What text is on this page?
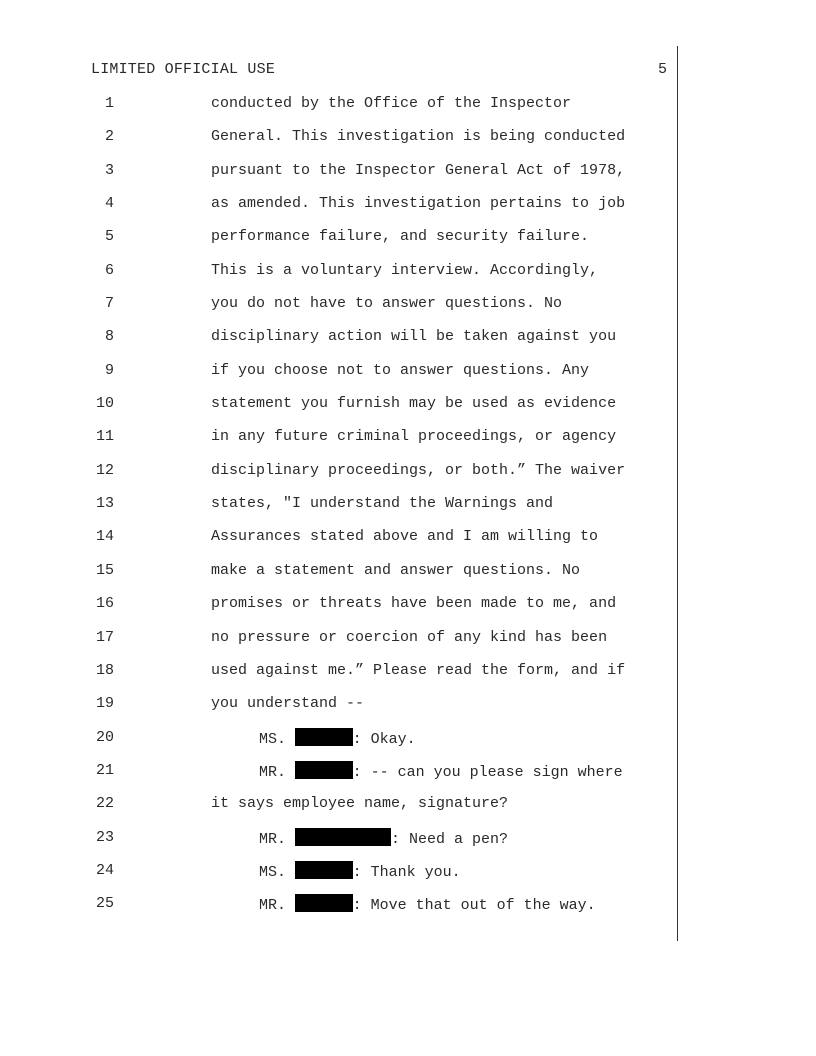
LIMITED OFFICIAL USE	5
1	conducted by the Office of the Inspector
2	General. This investigation is being conducted
3	pursuant to the Inspector General Act of 1978,
4	as amended. This investigation pertains to job
5	performance failure, and security failure.
6	This is a voluntary interview. Accordingly,
7	you do not have to answer questions. No
8	disciplinary action will be taken against you
9	if you choose not to answer questions. Any
10	statement you furnish may be used as evidence
11	in any future criminal proceedings, or agency
12	disciplinary proceedings, or both.” The waiver
13	states, "I understand the Warnings and
14	Assurances stated above and I am willing to
15	make a statement and answer questions. No
16	promises or threats have been made to me, and
17	no pressure or coercion of any kind has been
18	used against me.” Please read the form, and if
19	you understand --
20	MS.	: Okay.
21	MR.	: -- can you please sign where
22	it says employee name, signature?
23	MR.	: Need a pen?
24	MS.	: Thank you.
25	MR.	: Move that out of the way.
